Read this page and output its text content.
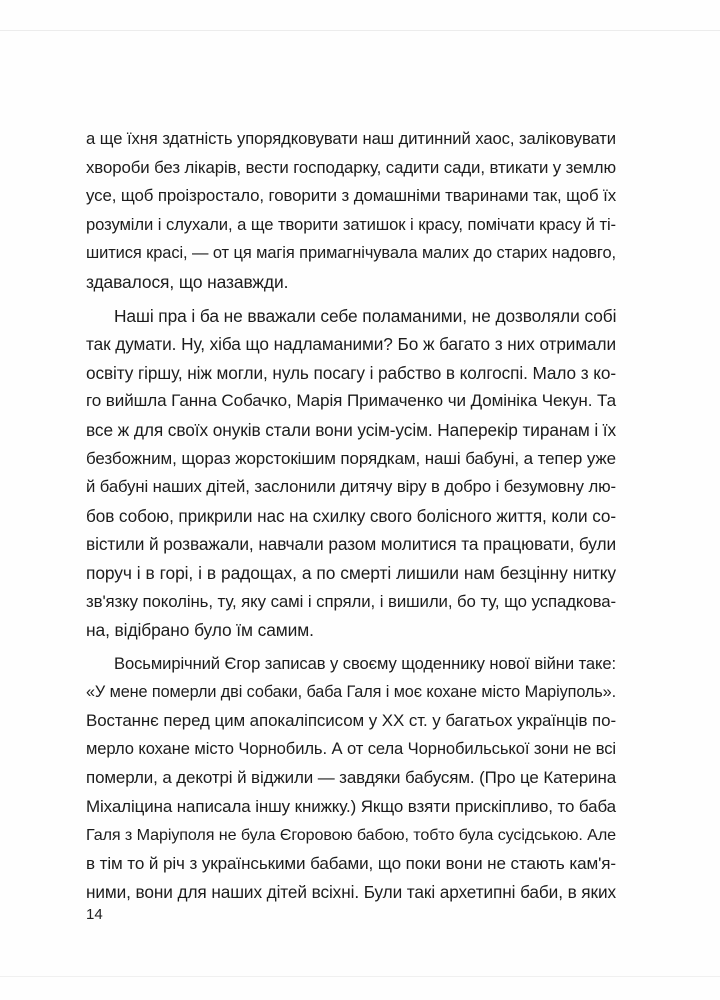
а ще їхня здатність упорядковувати наш дитинний хаос, заліковувати
хвороби без лікарів, вести господарку, садити сади, втикати у землю
усе, щоб проізростало, говорити з домашніми тваринами так, щоб їх
розуміли і слухали, а ще творити затишок і красу, помічати красу й ті-
шитися красі, — от ця магія примагнічувала малих до старих надовго,
здавалося, що назавжди.
Наші пра і ба не вважали себе поламаними, не дозволяли собі
так думати. Ну, хіба що надламаними? Бо ж багато з них отримали
освіту гіршу, ніж могли, нуль посагу і рабство в колгоспі. Мало з ко-
го вийшла Ганна Собачко, Марія Примаченко чи Домініка Чекун. Та
все ж для своїх онуків стали вони усім-усім. Наперекір тиранам і їх
безбожним, щораз жорстокішим порядкам, наші бабуні, а тепер уже
й бабуні наших дітей, заслонили дитячу віру в добро і безумовну лю-
бов собою, прикрили нас на схилку свого болісного життя, коли со-
вістили й розважали, навчали разом молитися та працювати, були
поруч і в горі, і в радощах, а по смерті лишили нам безцінну нитку
зв'язку поколінь, ту, яку самі і спряли, і вишили, бо ту, що успадкова-
на, відібрано було їм самим.
Восьмирічний Єгор записав у своєму щоденнику нової війни таке:
«У мене померли дві собаки, баба Галя і моє кохане місто Маріуполь».
Востаннє перед цим апокаліпсисом у ХХ ст. у багатьох українців по-
мерло кохане місто Чорнобиль. А от села Чорнобильської зони не всі
померли, а декотрі й віджили — завдяки бабусям. (Про це Катерина
Міхаліцина написала іншу книжку.) Якщо взяти прискіпливо, то баба
Галя з Маріуполя не була Єгоровою бабою, тобто була сусідською. Але
в тім то й річ з українськими бабами, що поки вони не стають кам'я-
ними, вони для наших дітей всіхні. Були такі архетипні баби, в яких
14
